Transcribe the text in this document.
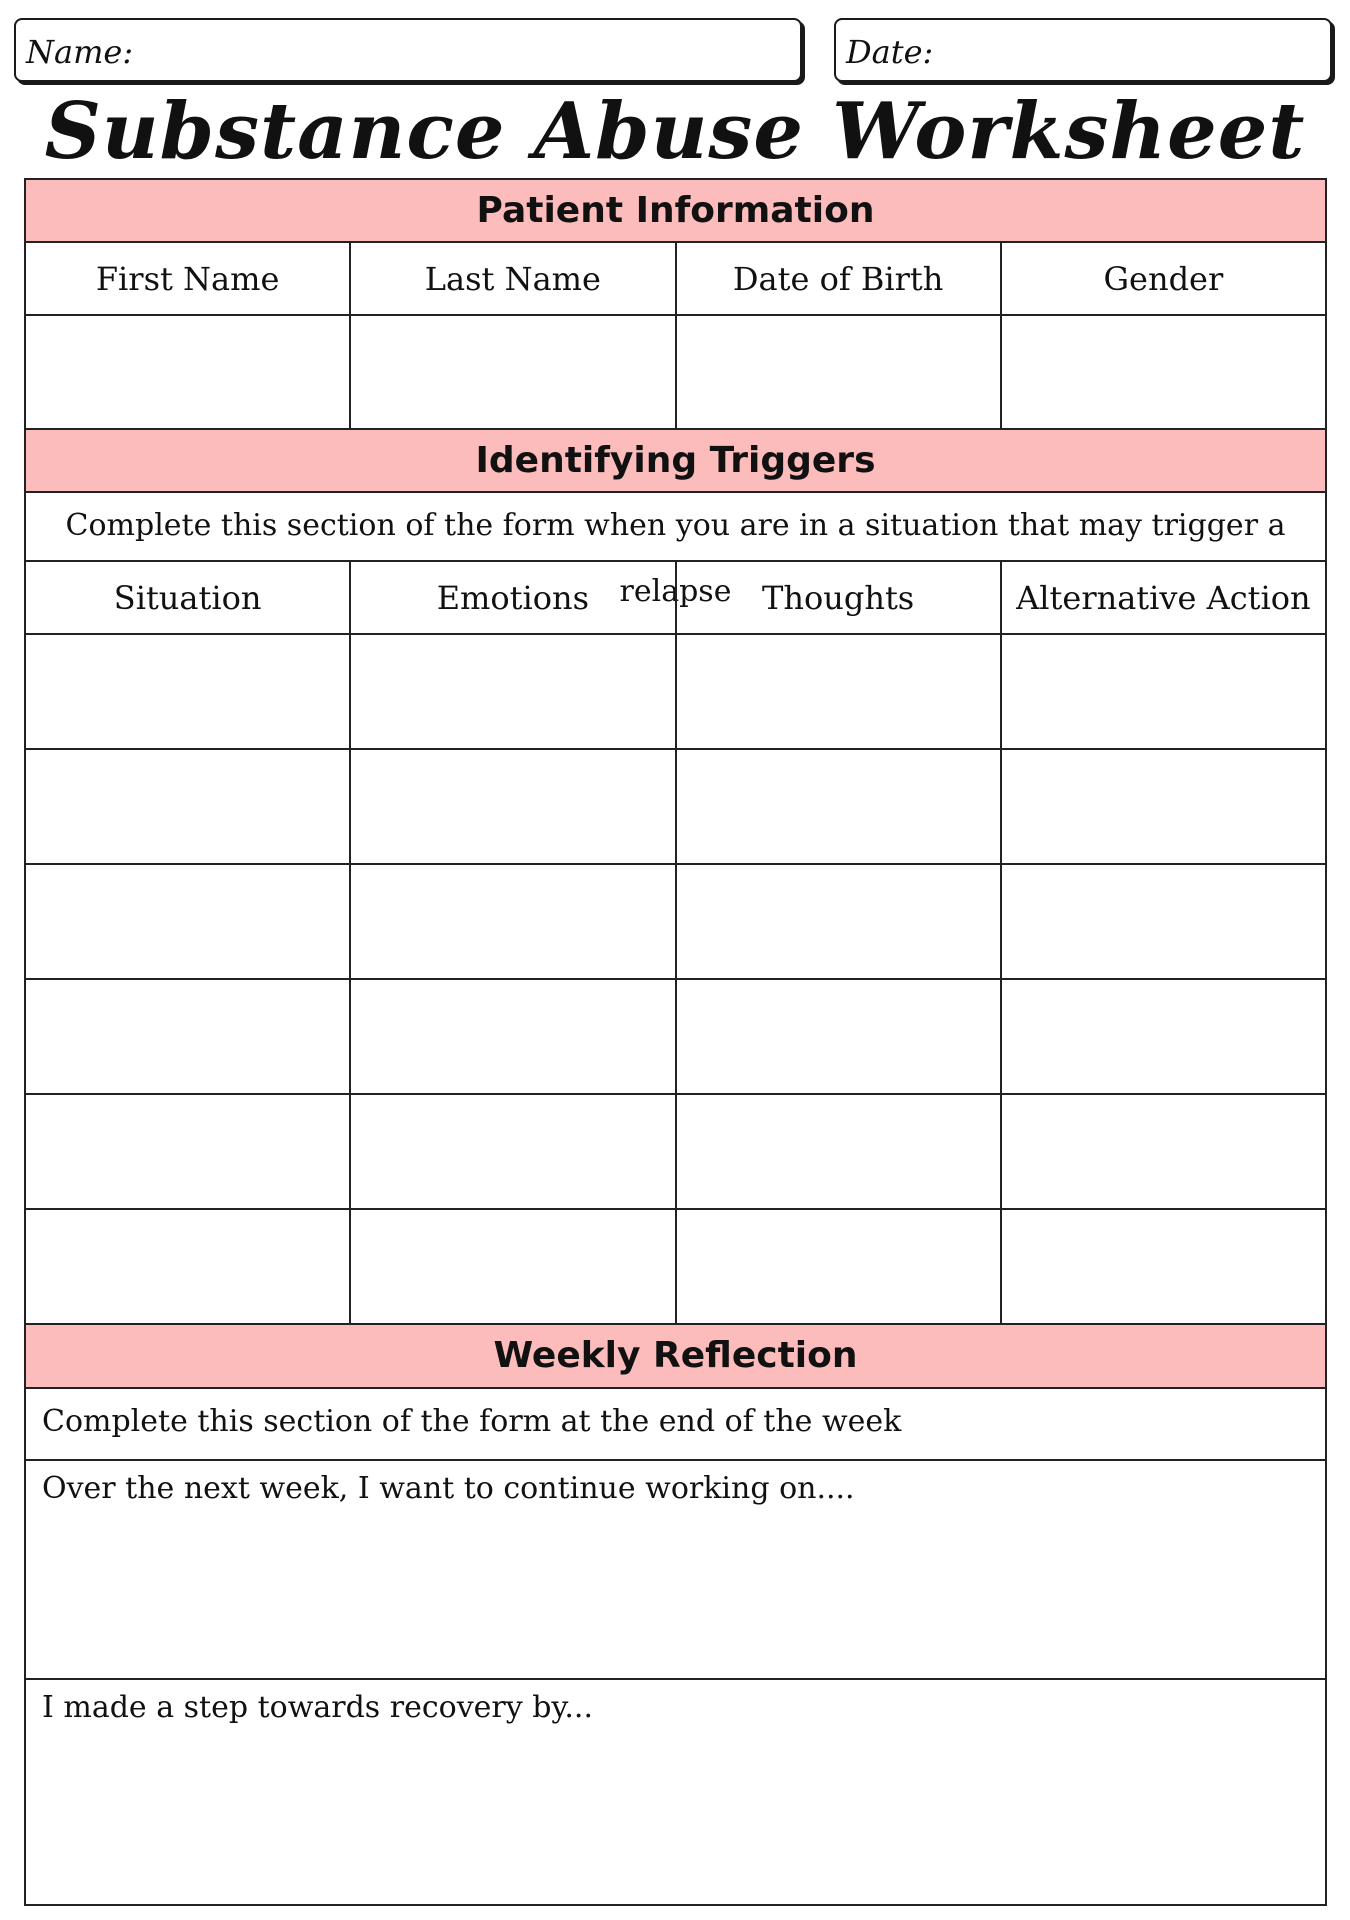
Name:	Date:
Substance Abuse Worksheet
Patient Information
First Name	Last Name	Date of Birth	Gender
Identifying Triggers
Complete this section of the form when you are in a situation that may trigger a relapse
Situation	Emotions	Thoughts	Alternative Action
Weekly Reflection
Complete this section of the form at the end of the week
Over the next week, I want to continue working on....
I made a step towards recovery by...
